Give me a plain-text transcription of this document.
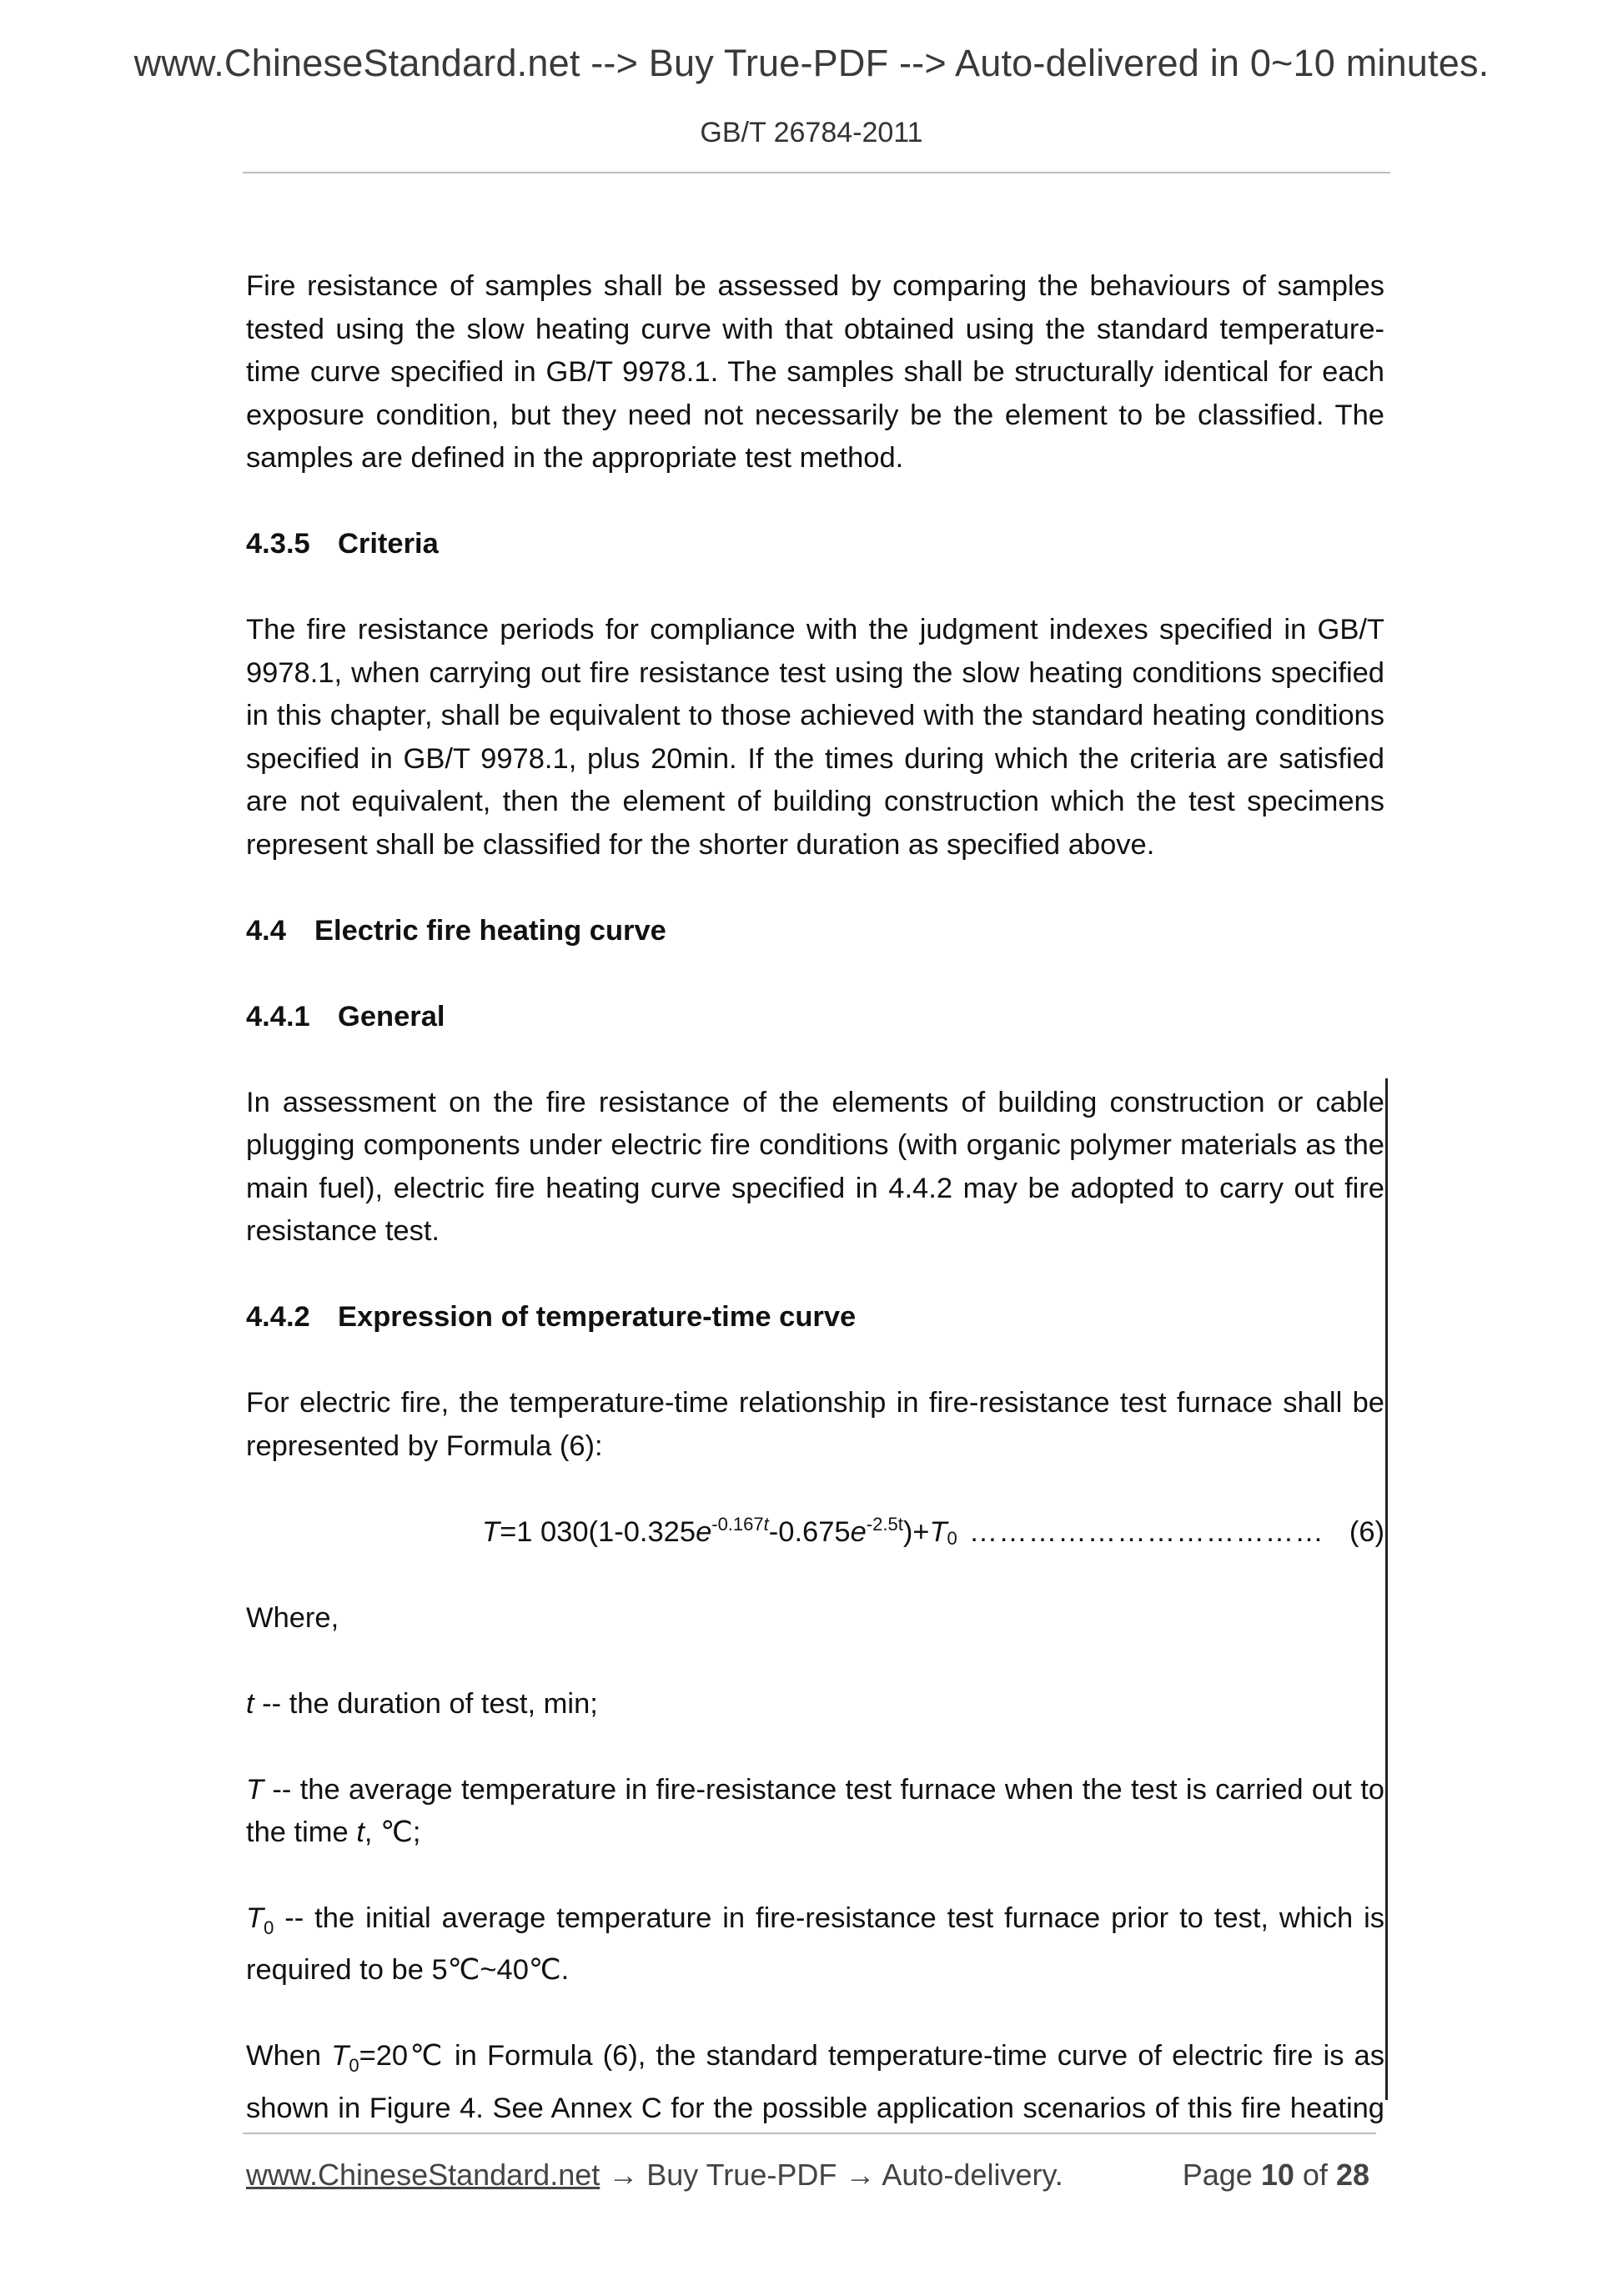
www.ChineseStandard.net --> Buy True-PDF --> Auto-delivered in 0~10 minutes.
GB/T 26784-2011

Fire resistance of samples shall be assessed by comparing the behaviours of samples tested using the slow heating curve with that obtained using the standard temperature-time curve specified in GB/T 9978.1. The samples shall be structurally identical for each exposure condition, but they need not necessarily be the element to be classified. The samples are defined in the appropriate test method.

4.3.5 Criteria

The fire resistance periods for compliance with the judgment indexes specified in GB/T 9978.1, when carrying out fire resistance test using the slow heating conditions specified in this chapter, shall be equivalent to those achieved with the standard heating conditions specified in GB/T 9978.1, plus 20min. If the times during which the criteria are satisfied are not equivalent, then the element of building construction which the test specimens represent shall be classified for the shorter duration as specified above.

4.4 Electric fire heating curve

4.4.1 General

In assessment on the fire resistance of the elements of building construction or cable plugging components under electric fire conditions (with organic polymer materials as the main fuel), electric fire heating curve specified in 4.4.2 may be adopted to carry out fire resistance test.

4.4.2 Expression of temperature-time curve

For electric fire, the temperature-time relationship in fire-resistance test furnace shall be represented by Formula (6):

T=1 $030(1-0.325e^{-0.167t}-0.675e^{-2.5t})+T_0$ ……………………………… (6)

Where,

t -- the duration of test, min;

T -- the average temperature in fire-resistance test furnace when the test is carried out to the time t, ℃;

$T_0$ -- the initial average temperature in fire-resistance test furnace prior to test, which is required to be 5℃~40℃.

When $T_0=20℃$ in Formula (6), the standard temperature-time curve of electric fire is as shown in Figure 4. See Annex C for the possible application scenarios of this fire heating

www.ChineseStandard.net → Buy True-PDF → Auto-delivery.	Page 10 of 28
